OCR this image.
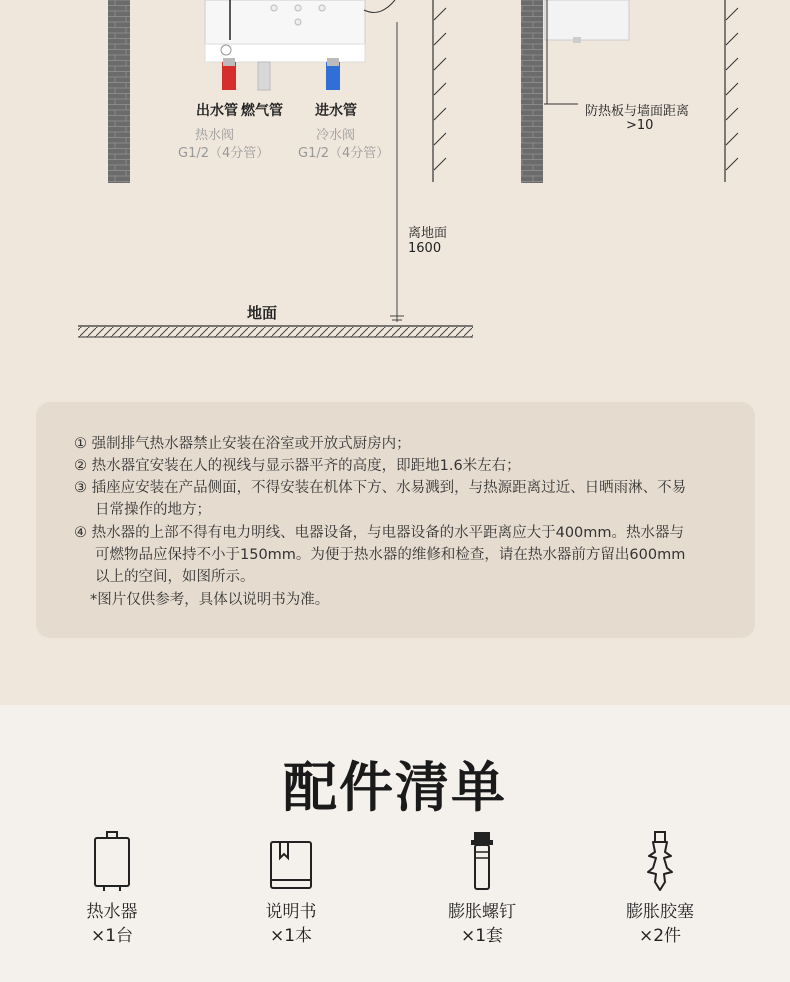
出水管 燃气管 进水管
热水阀
G1/2（4分管）
冷水阀
G1/2（4分管）
防热板与墙面距离
>10
离地面
1600
地面
① 强制排气热水器禁止安装在浴室或开放式厨房内；
② 热水器宜安装在人的视线与显示器平齐的高度，即距地1.6米左右；
③ 插座应安装在产品侧面，不得安装在机体下方、水易溅到，与热源距离过近、日晒雨淋、不易
日常操作的地方；
④ 热水器的上部不得有电力明线、电器设备，与电器设备的水平距离应大于400mm。热水器与
可燃物品应保持不小于150mm。为便于热水器的维修和检查，请在热水器前方留出600mm
以上的空间，如图所示。
*图片仅供参考，具体以说明书为准。
配件清单
热水器
×1台
说明书
×1本
膨胀螺钉
×1套
膨胀胶塞
×2件
